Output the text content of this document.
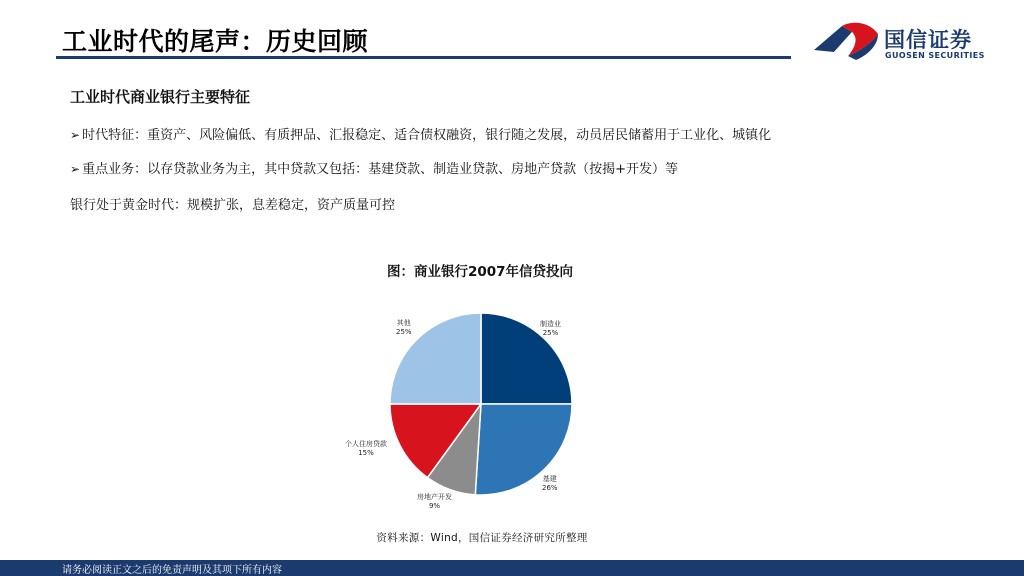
工业时代的尾声：历史回顾	国信证券
GUOSEN SECURITIES
工业时代商业银行主要特征
➢ 时代特征：重资产、风险偏低、有质押品、汇报稳定、适合债权融资，银行随之发展，动员居民储蓄用于工业化、城镇化
➢ 重点业务：以存贷款业务为主，其中贷款又包括：基建贷款、制造业贷款、房地产贷款（按揭+开发）等
银行处于黄金时代：规模扩张，息差稳定，资产质量可控
图：商业银行2007年信贷投向
制造业
25%
基建
26%
房地产开发
9%
个人住房贷款
15%
其他
25%
资料来源：Wind，国信证券经济研究所整理
请务必阅读正文之后的免责声明及其项下所有内容
